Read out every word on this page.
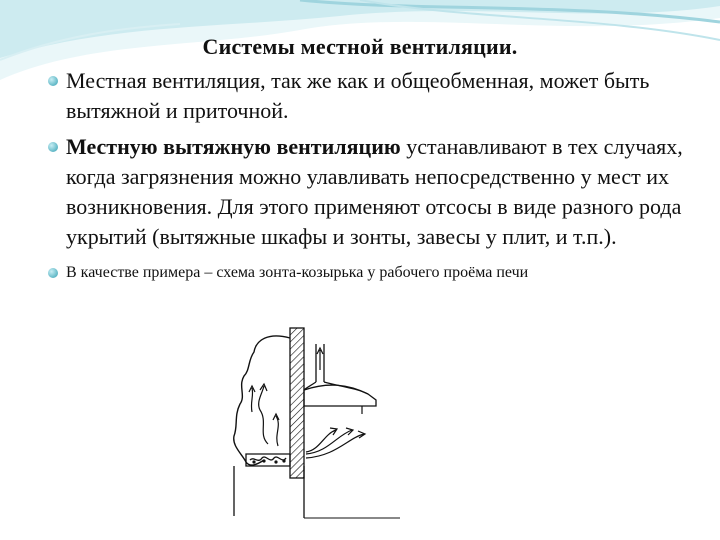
Системы местной вентиляции.
Местная вентиляция, так же как и общеобменная, может быть вытяжной и приточной.
Местную вытяжную вентиляцию устанавливают в тех случаях, когда загрязнения можно улавливать непосредственно у мест их возникновения. Для этого применяют отсосы в виде разного рода укрытий (вытяжные шкафы и зонты, завесы у плит, и т.п.).
В качестве примера – схема зонта-козырька у рабочего проёма печи
